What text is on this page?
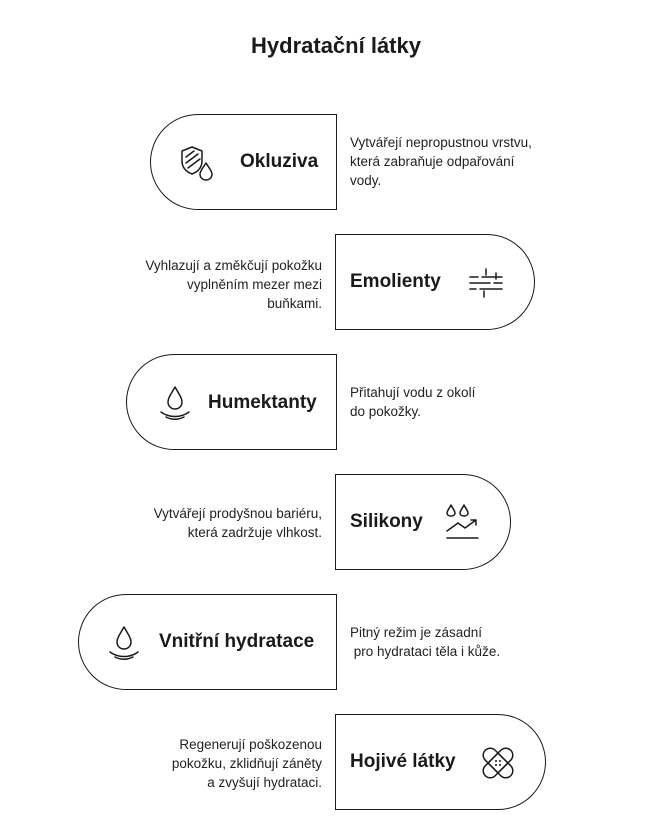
Hydratační látky
Okluziva
Vytvářejí nepropustnou vrstvu,
která zabraňuje odpařování
vody.
Emolienty
Vyhlazují a změkčují pokožku
vyplněním mezer mezi
buňkami.
Humektanty Přitahují vodu z okolí
do pokožky.
Silikony
Vytvářejí prodyšnou bariéru,
která zadržuje vlhkost.
Vnitřní hydratace	Pitný režim je zásadní
pro hydrataci těla i kůže.
Hojivé látky
Regenerují poškozenou
pokožku, zklidňují záněty
a zvyšují hydrataci.
